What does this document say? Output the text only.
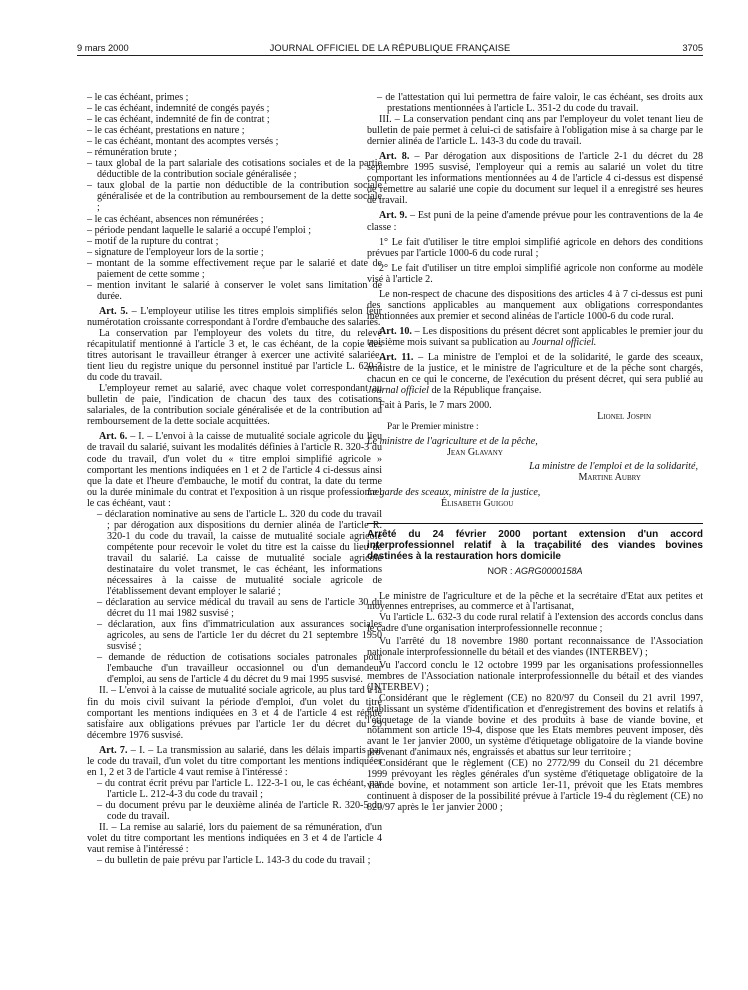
9 mars 2000	JOURNAL OFFICIEL DE LA RÉPUBLIQUE FRANÇAISE	3705

– le cas échéant, primes ;

– le cas échéant, indemnité de congés payés ;

– le cas échéant, indemnité de fin de contrat ;

– le cas échéant, prestations en nature ;

– le cas échéant, montant des acomptes versés ;

– rémunération brute ;

– taux global de la part salariale des cotisations sociales et de la partie déductible de la contribution sociale généralisée ;

– taux global de la partie non déductible de la contribution sociale généralisée et de la contribution au remboursement de la dette sociale ;

– le cas échéant, absences non rémunérées ;

– période pendant laquelle le salarié a occupé l'emploi ;

– motif de la rupture du contrat ;

– signature de l'employeur lors de la sortie ;

– montant de la somme effectivement reçue par le salarié et date de paiement de cette somme ;

– mention invitant le salarié à conserver le volet sans limitation de durée.

Art. 5. – L'employeur utilise les titres emplois simplifiés selon leur numérotation croissante correspondant à l'ordre d'embauche des salariés.

La conservation par l'employeur des volets du titre, du relevé récapitulatif mentionné à l'article 3 et, le cas échéant, de la copie des titres autorisant le travailleur étranger à exercer une activité salariée, tient lieu du registre unique du personnel institué par l'article L. 620-3 du code du travail.

L'employeur remet au salarié, avec chaque volet correspondant au bulletin de paie, l'indication de chacun des taux des cotisations salariales, de la contribution sociale généralisée et de la contribution au remboursement de la dette sociale acquittées.

Art. 6. – I. – L'envoi à la caisse de mutualité sociale agricole du lieu de travail du salarié, suivant les modalités définies à l'article R. 320-3 du code du travail, d'un volet du « titre emploi simplifié agricole » comportant les mentions indiquées en 1 et 2 de l'article 4 ci-dessus ainsi que la date et l'heure d'embauche, le motif du contrat, la date du terme ou la durée minimale du contrat et l'exposition à un risque professionnel le cas échéant, vaut :

– déclaration nominative au sens de l'article L. 320 du code du travail ; par dérogation aux dispositions du dernier alinéa de l'article R. 320-1 du code du travail, la caisse de mutualité sociale agricole compétente pour recevoir le volet du titre est la caisse du lieu de travail du salarié. La caisse de mutualité sociale agricole destinataire du volet transmet, le cas échéant, les informations nécessaires à la caisse de mutualité sociale agricole de l'établissement devant employer le salarié ;

– déclaration au service médical du travail au sens de l'article 30 du décret du 11 mai 1982 susvisé ;

– déclaration, aux fins d'immatriculation aux assurances sociales agricoles, au sens de l'article 1er du décret du 21 septembre 1950 susvisé ;

– demande de réduction de cotisations sociales patronales pour l'embauche d'un travailleur occasionnel ou d'un demandeur d'emploi, au sens de l'article 4 du décret du 9 mai 1995 susvisé.

II. – L'envoi à la caisse de mutualité sociale agricole, au plus tard à la fin du mois civil suivant la période d'emploi, d'un volet du titre comportant les mentions indiquées en 3 et 4 de l'article 4 est réputé satisfaire aux obligations prévues par l'article 1er du décret du 29 décembre 1976 susvisé.

Art. 7. – I. – La transmission au salarié, dans les délais impartis par le code du travail, d'un volet du titre comportant les mentions indiquées en 1, 2 et 3 de l'article 4 vaut remise à l'intéressé :

– du contrat écrit prévu par l'article L. 122-3-1 ou, le cas échéant, par l'article L. 212-4-3 du code du travail ;

– du document prévu par le deuxième alinéa de l'article R. 320-5 du code du travail.

II. – La remise au salarié, lors du paiement de sa rémunération, d'un volet du titre comportant les mentions indiquées en 3 et 4 de l'article 4 vaut remise à l'intéressé :

– du bulletin de paie prévu par l'article L. 143-3 du code du travail ;

– de l'attestation qui lui permettra de faire valoir, le cas échéant, ses droits aux prestations mentionnées à l'article L. 351-2 du code du travail.

III. – La conservation pendant cinq ans par l'employeur du volet tenant lieu de bulletin de paie permet à celui-ci de satisfaire à l'obligation mise à sa charge par le dernier alinéa de l'article L. 143-3 du code du travail.

Art. 8. – Par dérogation aux dispositions de l'article 2-1 du décret du 28 septembre 1995 susvisé, l'employeur qui a remis au salarié un volet du titre comportant les informations mentionnées au 4 de l'article 4 ci-dessus est dispensé de remettre au salarié une copie du document sur lequel il a enregistré ses heures de travail.

Art. 9. – Est puni de la peine d'amende prévue pour les contraventions de la 4e classe :

1° Le fait d'utiliser le titre emploi simplifié agricole en dehors des conditions prévues par l'article 1000-6 du code rural ;

2° Le fait d'utiliser un titre emploi simplifié agricole non conforme au modèle visé à l'article 2.

Le non-respect de chacune des dispositions des articles 4 à 7 ci-dessus est puni des sanctions applicables au manquement aux obligations correspondantes mentionnées aux premier et second alinéas de l'article 1000-6 du code rural.

Art. 10. – Les dispositions du présent décret sont applicables le premier jour du troisième mois suivant sa publication au Journal officiel.

Art. 11. – La ministre de l'emploi et de la solidarité, le garde des sceaux, ministre de la justice, et le ministre de l'agriculture et de la pêche sont chargés, chacun en ce qui le concerne, de l'exécution du présent décret, qui sera publié au Journal officiel de la République française.

Fait à Paris, le 7 mars 2000.

Lionel Jospin

Par le Premier ministre :

Le ministre de l'agriculture et de la pêche,

Jean Glavany

La ministre de l'emploi et de la solidarité,

Martine Aubry

Le garde des sceaux, ministre de la justice,

Élisabeth Guigou

Arrêté du 24 février 2000 portant extension d'un accord interprofessionnel relatif à la traçabilité des viandes bovines destinées à la restauration hors domicile

NOR : AGRG0000158A

Le ministre de l'agriculture et de la pêche et la secrétaire d'Etat aux petites et moyennes entreprises, au commerce et à l'artisanat,

Vu l'article L. 632-3 du code rural relatif à l'extension des accords conclus dans le cadre d'une organisation interprofessionnelle reconnue ;

Vu l'arrêté du 18 novembre 1980 portant reconnaissance de l'Association nationale interprofessionnelle du bétail et des viandes (INTERBEV) ;

Vu l'accord conclu le 12 octobre 1999 par les organisations professionnelles membres de l'Association nationale interprofessionnelle du bétail et des viandes (INTERBEV) ;

Considérant que le règlement (CE) no 820/97 du Conseil du 21 avril 1997, établissant un système d'identification et d'enregistrement des bovins et relatifs à l'étiquetage de la viande bovine et des produits à base de viande bovine, et notamment son article 19-4, dispose que les Etats membres peuvent imposer, dès avant le 1er janvier 2000, un système d'étiquetage obligatoire de la viande bovine provenant d'animaux nés, engraissés et abattus sur leur territoire ;

Considérant que le règlement (CE) no 2772/99 du Conseil du 21 décembre 1999 prévoyant les règles générales d'un système d'étiquetage obligatoire de la viande bovine, et notamment son article 1er-11, prévoit que les Etats membres continuent à disposer de la possibilité prévue à l'article 19-4 du règlement (CE) no 820/97 après le 1er janvier 2000 ;
